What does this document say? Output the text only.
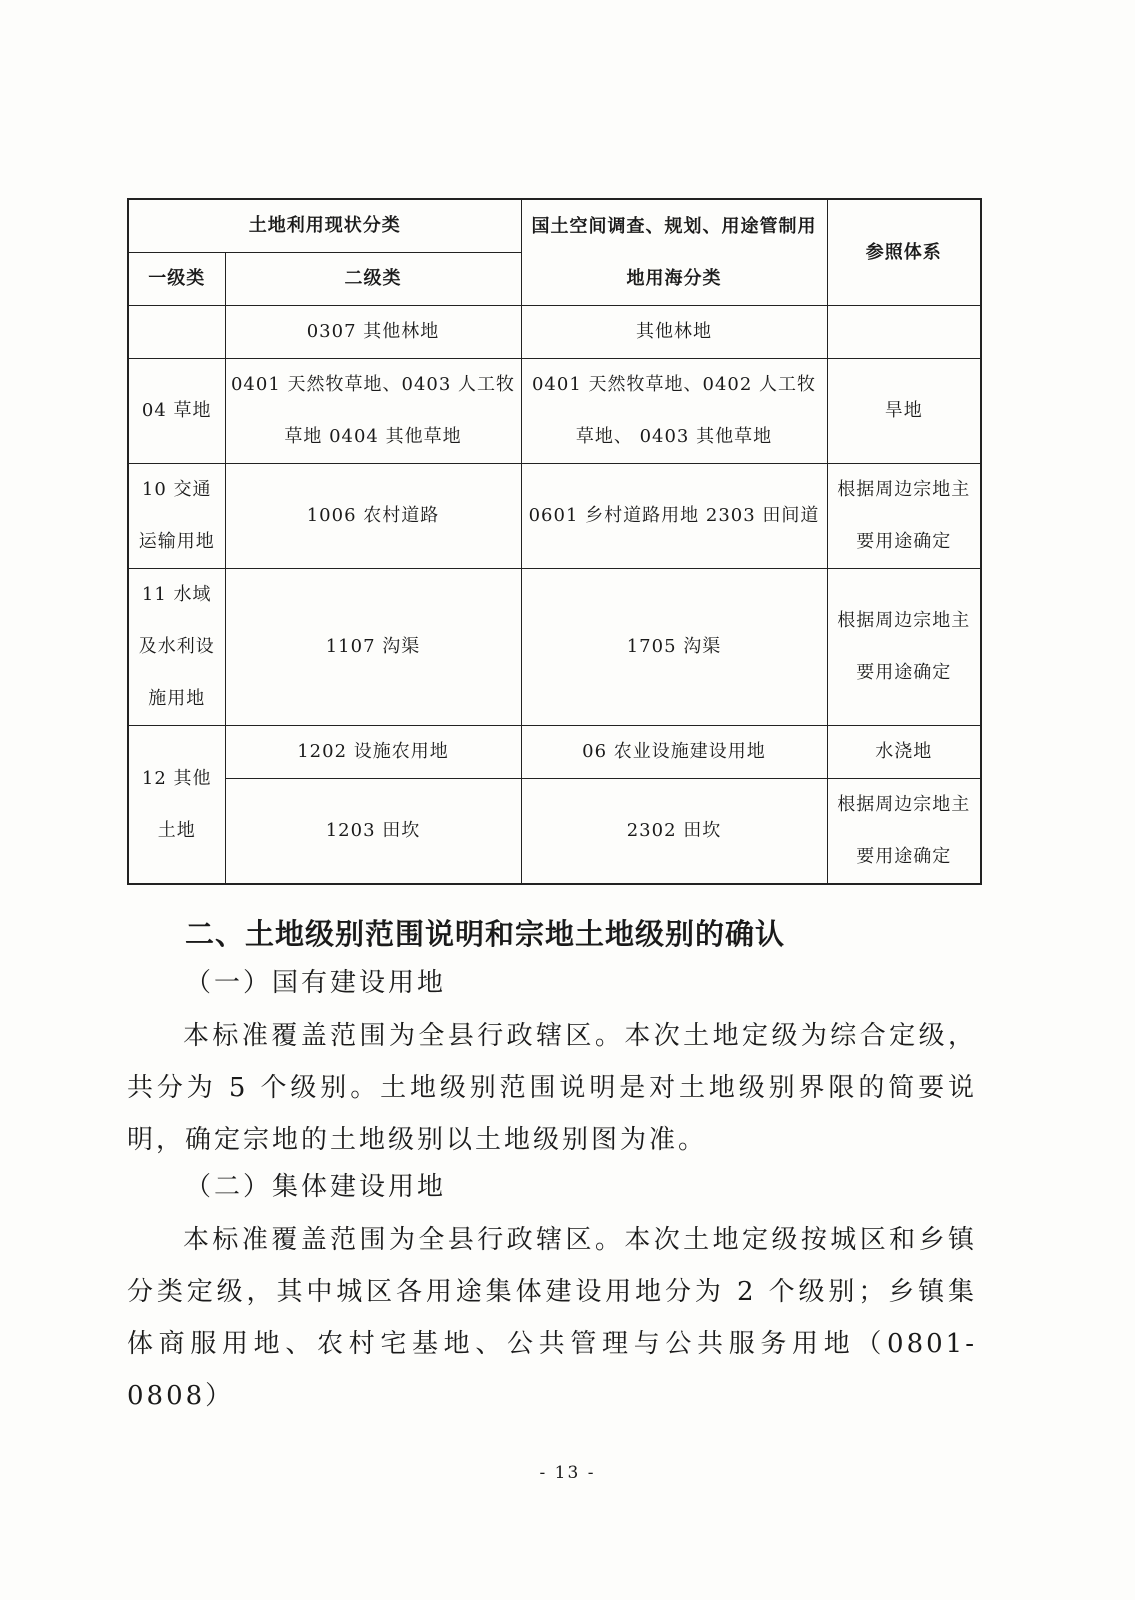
土地利用现状分类		国土空间调查、规划、用途管制用地用海分类	参照体系
一级类	二级类		
	0307 其他林地	其他林地	
04 草地	0401 天然牧草地、0403 人工牧草地 0404 其他草地	0401 天然牧草地、0402 人工牧草地、 0403 其他草地	旱地
10 交通运输用地	1006 农村道路	0601 乡村道路用地 2303 田间道	根据周边宗地主要用途确定
11 水域及水利设施用地	1107 沟渠	1705 沟渠	根据周边宗地主要用途确定
12 其他土地	1202 设施农用地	06 农业设施建设用地	水浇地
	1203 田坎	2302 田坎	根据周边宗地主要用途确定
二、土地级别范围说明和宗地土地级别的确认
（一）国有建设用地
本标准覆盖范围为全县行政辖区。本次土地定级为综合定级，共分为 5 个级别。土地级别范围说明是对土地级别界限的简要说明，确定宗地的土地级别以土地级别图为准。
（二）集体建设用地
本标准覆盖范围为全县行政辖区。本次土地定级按城区和乡镇分类定级，其中城区各用途集体建设用地分为 2 个级别；乡镇集体商服用地、农村宅基地、公共管理与公共服务用地（0801-0808）
- 13 -
